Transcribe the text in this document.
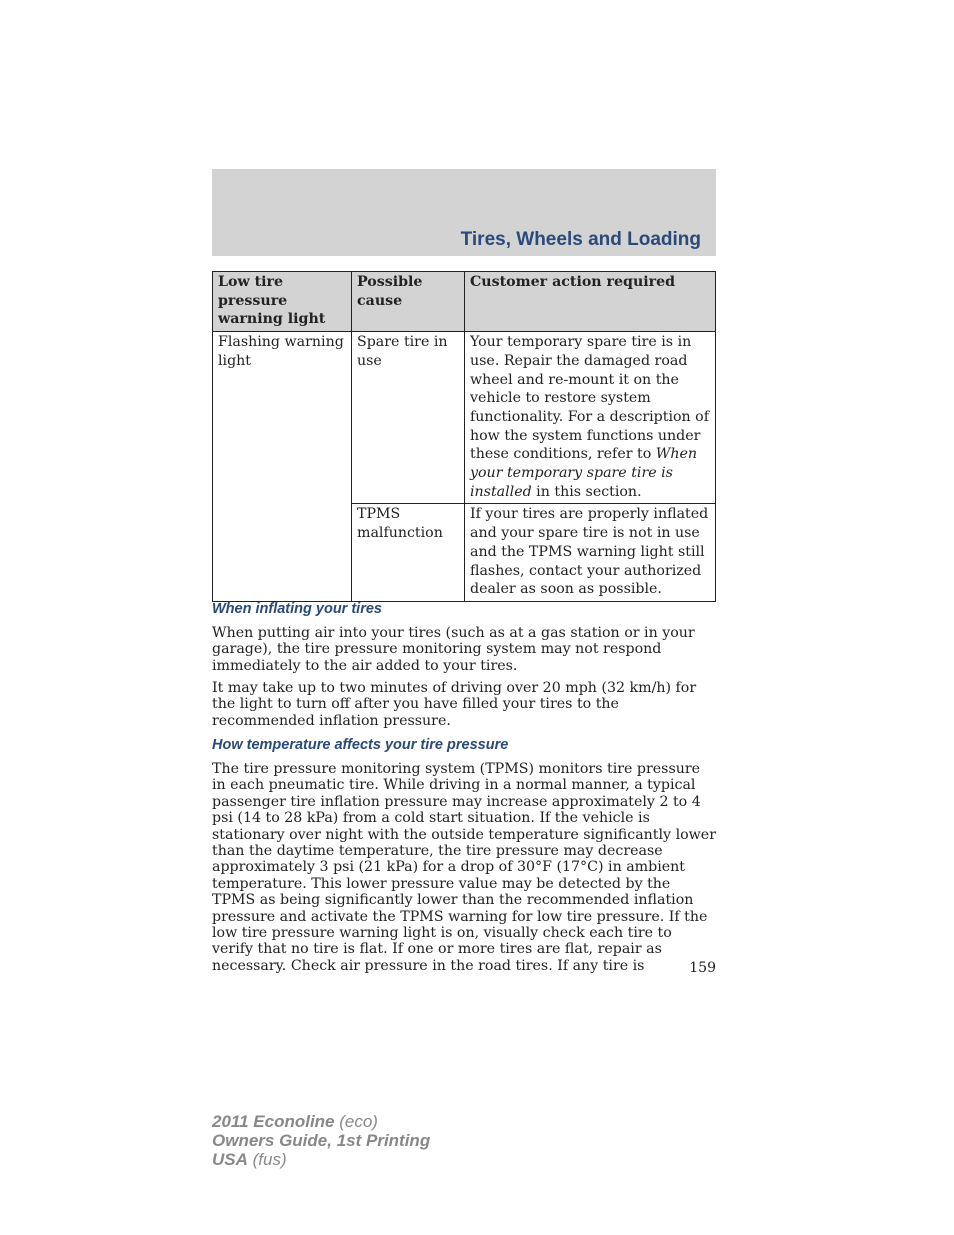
Tires, Wheels and Loading
Low tire pressure warning light	Possible cause	Customer action required
Flashing warning light	Spare tire in use	Your temporary spare tire is in use. Repair the damaged road wheel and re-mount it on the vehicle to restore system functionality. For a description of how the system functions under these conditions, refer to When your temporary spare tire is installed in this section.
	TPMS malfunction	If your tires are properly inflated and your spare tire is not in use and the TPMS warning light still flashes, contact your authorized dealer as soon as possible.
When inflating your tires

When putting air into your tires (such as at a gas station or in your garage), the tire pressure monitoring system may not respond immediately to the air added to your tires.

It may take up to two minutes of driving over 20 mph (32 km/h) for the light to turn off after you have filled your tires to the recommended inflation pressure.

How temperature affects your tire pressure

The tire pressure monitoring system (TPMS) monitors tire pressure in each pneumatic tire. While driving in a normal manner, a typical passenger tire inflation pressure may increase approximately 2 to 4 psi (14 to 28 kPa) from a cold start situation. If the vehicle is stationary over night with the outside temperature significantly lower than the daytime temperature, the tire pressure may decrease approximately 3 psi (21 kPa) for a drop of 30°F (17°C) in ambient temperature. This lower pressure value may be detected by the TPMS as being significantly lower than the recommended inflation pressure and activate the TPMS warning for low tire pressure. If the low tire pressure warning light is on, visually check each tire to verify that no tire is flat. If one or more tires are flat, repair as necessary. Check air pressure in the road tires. If any tire is	159
2011 Econoline (eco)
Owners Guide, 1st Printing
USA (fus)
